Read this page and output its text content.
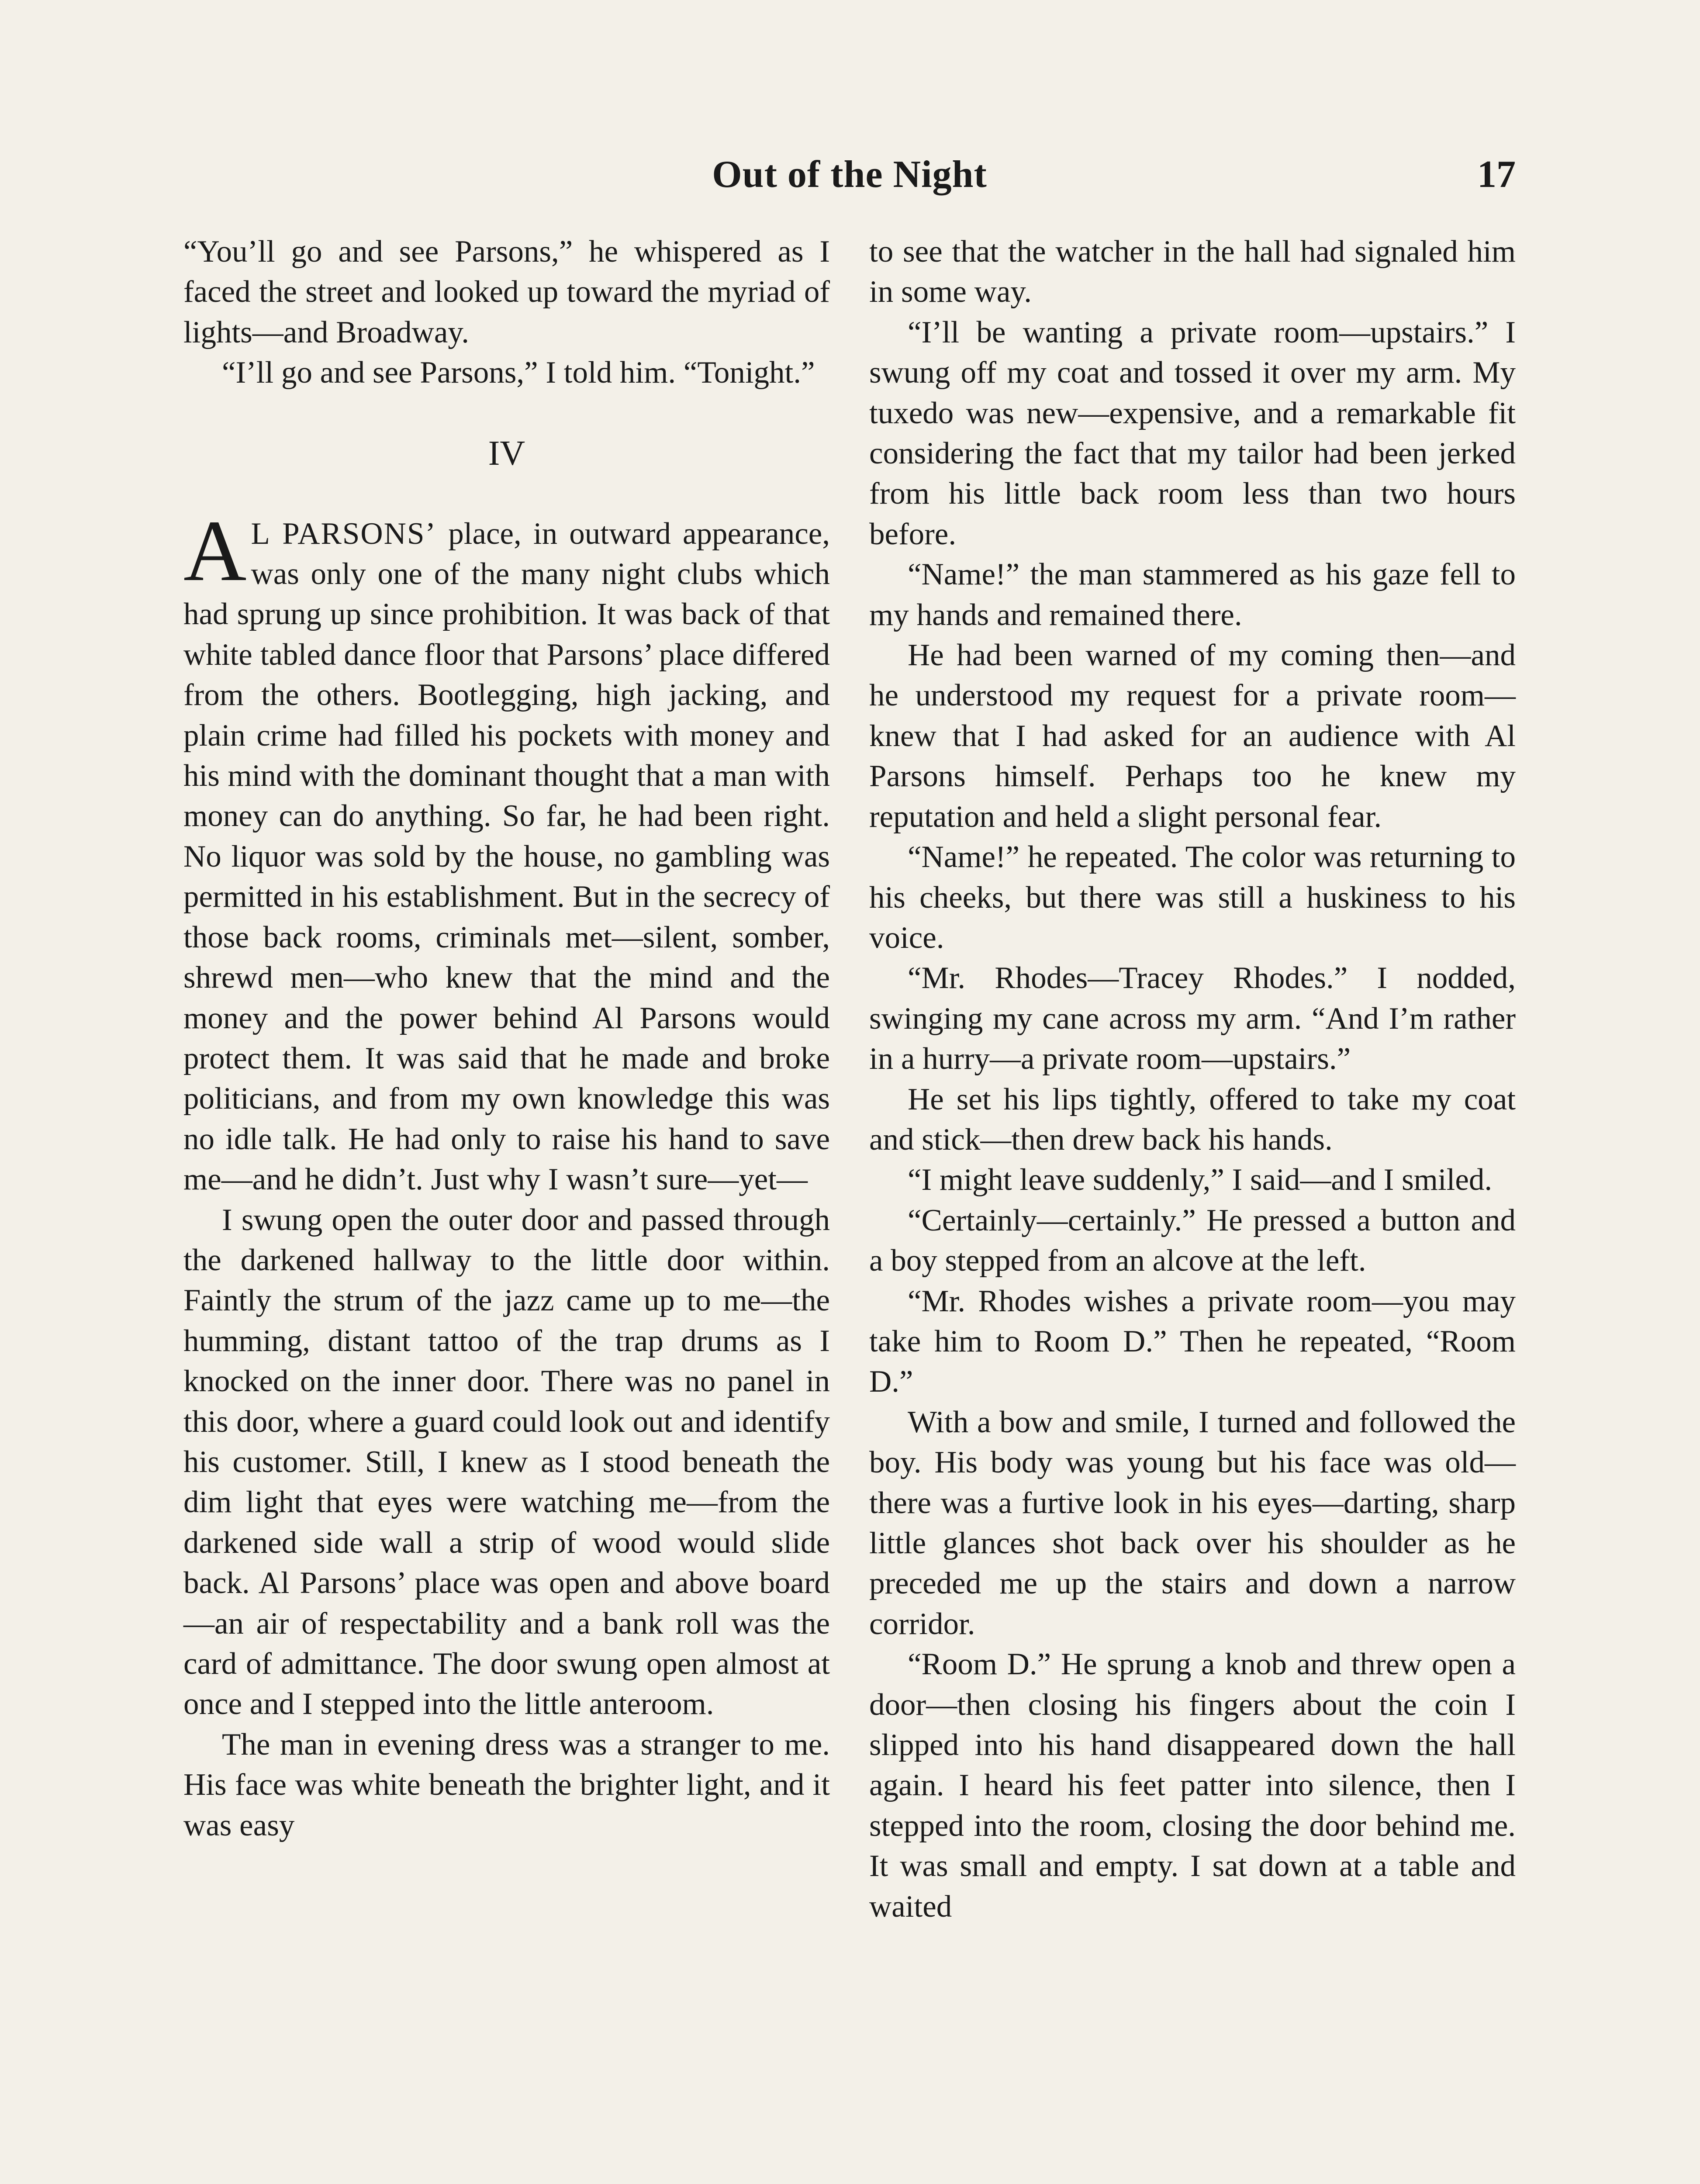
Out of the Night	17

“You’ll go and see Parsons,” he whispered as I faced the street and looked up toward the myriad of lights—and Broadway.

“I’ll go and see Parsons,” I told him. “Tonight.”

IV

A L PARSONS’ place, in outward appearance, was only one of the many night clubs which had sprung up since prohibition. It was back of that white tabled dance floor that Parsons’ place differed from the others. Bootlegging, high jacking, and plain crime had filled his pockets with money and his mind with the dominant thought that a man with money can do anything. So far, he had been right. No liquor was sold by the house, no gambling was permitted in his establishment. But in the secrecy of those back rooms, criminals met—silent, somber, shrewd men—who knew that the mind and the money and the power behind Al Parsons would protect them. It was said that he made and broke politicians, and from my own knowledge this was no idle talk. He had only to raise his hand to save me—and he didn’t. Just why I wasn’t sure—yet—

I swung open the outer door and passed through the darkened hallway to the little door within. Faintly the strum of the jazz came up to me—the humming, distant tattoo of the trap drums as I knocked on the inner door. There was no panel in this door, where a guard could look out and identify his customer. Still, I knew as I stood beneath the dim light that eyes were watching me—from the darkened side wall a strip of wood would slide back. Al Parsons’ place was open and above board—an air of respectability and a bank roll was the card of admittance. The door swung open almost at once and I stepped into the little anteroom.

The man in evening dress was a stranger to me. His face was white beneath the brighter light, and it was easy

to see that the watcher in the hall had signaled him in some way.

“I’ll be wanting a private room—upstairs.” I swung off my coat and tossed it over my arm. My tuxedo was new—expensive, and a remarkable fit considering the fact that my tailor had been jerked from his little back room less than two hours before.

“Name!” the man stammered as his gaze fell to my hands and remained there.

He had been warned of my coming then—and he understood my request for a private room—knew that I had asked for an audience with Al Parsons himself. Perhaps too he knew my reputation and held a slight personal fear.

“Name!” he repeated. The color was returning to his cheeks, but there was still a huskiness to his voice.

“Mr. Rhodes—Tracey Rhodes.” I nodded, swinging my cane across my arm. “And I’m rather in a hurry—a private room—upstairs.”

He set his lips tightly, offered to take my coat and stick—then drew back his hands.

“I might leave suddenly,” I said—and I smiled.

“Certainly—certainly.” He pressed a button and a boy stepped from an alcove at the left.

“Mr. Rhodes wishes a private room—you may take him to Room D.” Then he repeated, “Room D.”

With a bow and smile, I turned and followed the boy. His body was young but his face was old—there was a furtive look in his eyes—darting, sharp little glances shot back over his shoulder as he preceded me up the stairs and down a narrow corridor.

“Room D.” He sprung a knob and threw open a door—then closing his fingers about the coin I slipped into his hand disappeared down the hall again. I heard his feet patter into silence, then I stepped into the room, closing the door behind me. It was small and empty. I sat down at a table and waited
